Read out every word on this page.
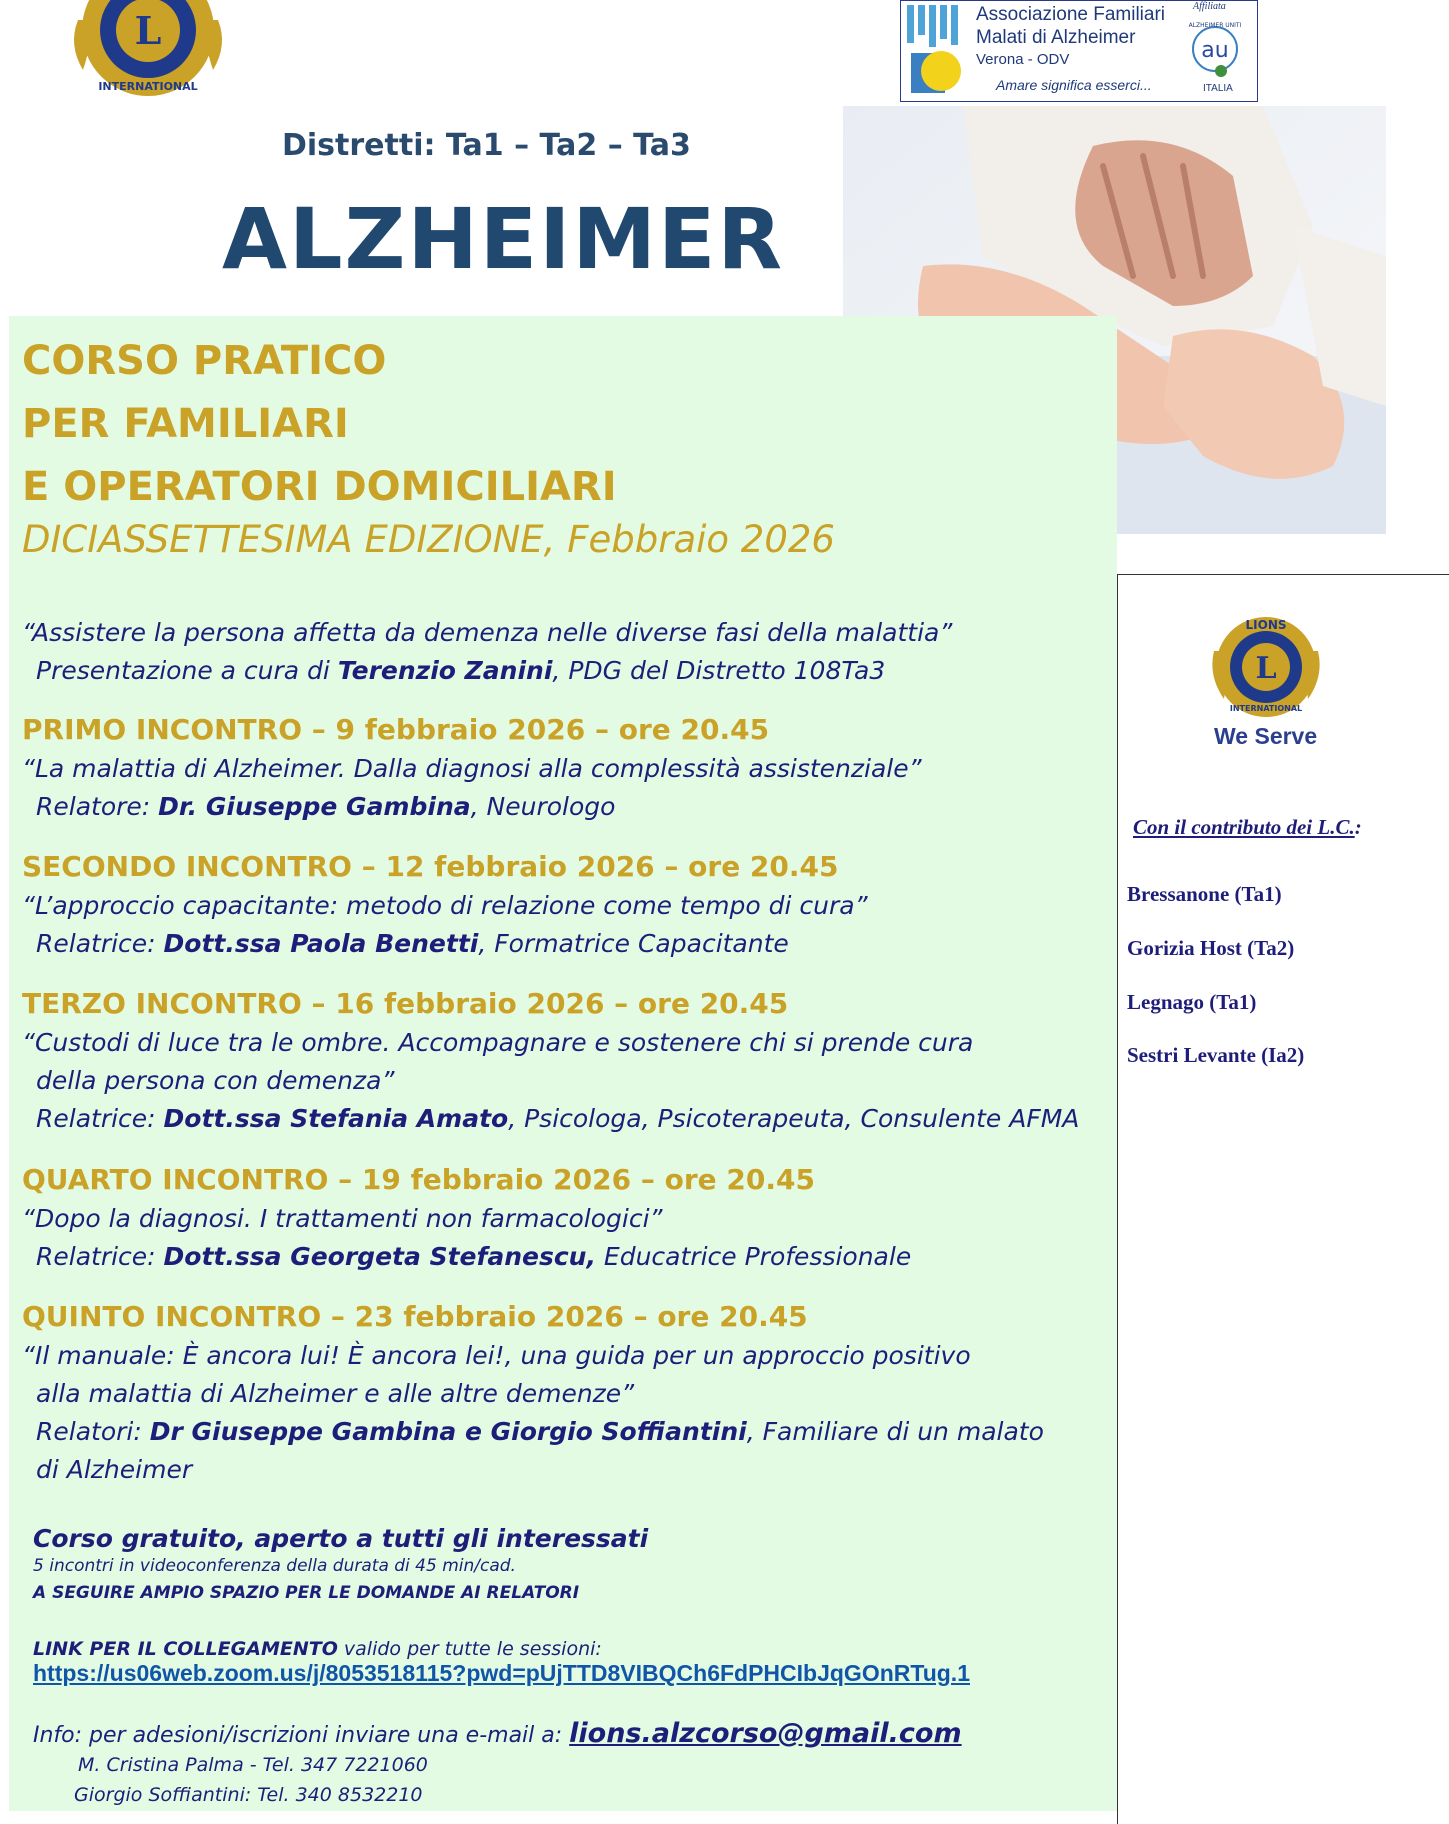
L
INTERNATIONAL
Associazione Familiari
Malati di Alzheimer
Verona - ODV
Amare significa esserci...
Affiliata
ALZHEIMER UNITI
au
ITALIA
Distretti: Ta1 – Ta2 – Ta3
ALZHEIMER
CORSO PRATICO
PER FAMILIARI
E OPERATORI DOMICILIARI
DICIASSETTESIMA EDIZIONE, Febbraio 2026
“Assistere la persona affetta da demenza nelle diverse fasi della malattia”
Presentazione a cura di Terenzio Zanini, PDG del Distretto 108Ta3
PRIMO INCONTRO – 9 febbraio 2026 – ore 20.45
“La malattia di Alzheimer. Dalla diagnosi alla complessità assistenziale”
Relatore: Dr. Giuseppe Gambina, Neurologo
SECONDO INCONTRO – 12 febbraio 2026 – ore 20.45
“L’approccio capacitante: metodo di relazione come tempo di cura”
Relatrice: Dott.ssa Paola Benetti, Formatrice Capacitante
TERZO INCONTRO – 16 febbraio 2026 – ore 20.45
“Custodi di luce tra le ombre. Accompagnare e sostenere chi si prende cura
della persona con demenza”
Relatrice: Dott.ssa Stefania Amato, Psicologa, Psicoterapeuta, Consulente AFMA
QUARTO INCONTRO – 19 febbraio 2026 – ore 20.45
“Dopo la diagnosi. I trattamenti non farmacologici”
Relatrice: Dott.ssa Georgeta Stefanescu, Educatrice Professionale
QUINTO INCONTRO – 23 febbraio 2026 – ore 20.45
“Il manuale: È ancora lui! È ancora lei!, una guida per un approccio positivo
alla malattia di Alzheimer e alle altre demenze”
Relatori: Dr Giuseppe Gambina e Giorgio Soffiantini, Familiare di un malato
di Alzheimer
Corso gratuito, aperto a tutti gli interessati
5 incontri in videoconferenza della durata di 45 min/cad.
A SEGUIRE AMPIO SPAZIO PER LE DOMANDE AI RELATORI
LINK PER IL COLLEGAMENTO valido per tutte le sessioni:
https://us06web.zoom.us/j/8053518115?pwd=pUjTTD8VIBQCh6FdPHCIbJqGOnRTug.1
Info: per adesioni/iscrizioni inviare una e-mail a: lions.alzcorso@gmail.com
M. Cristina Palma - Tel. 347 7221060
Giorgio Soffiantini: Tel. 340 8532210
L
LIONS
INTERNATIONAL
We Serve
Con il contributo dei L.C.:
Bressanone (Ta1)
Gorizia Host (Ta2)
Legnago (Ta1)
Sestri Levante (Ia2)
